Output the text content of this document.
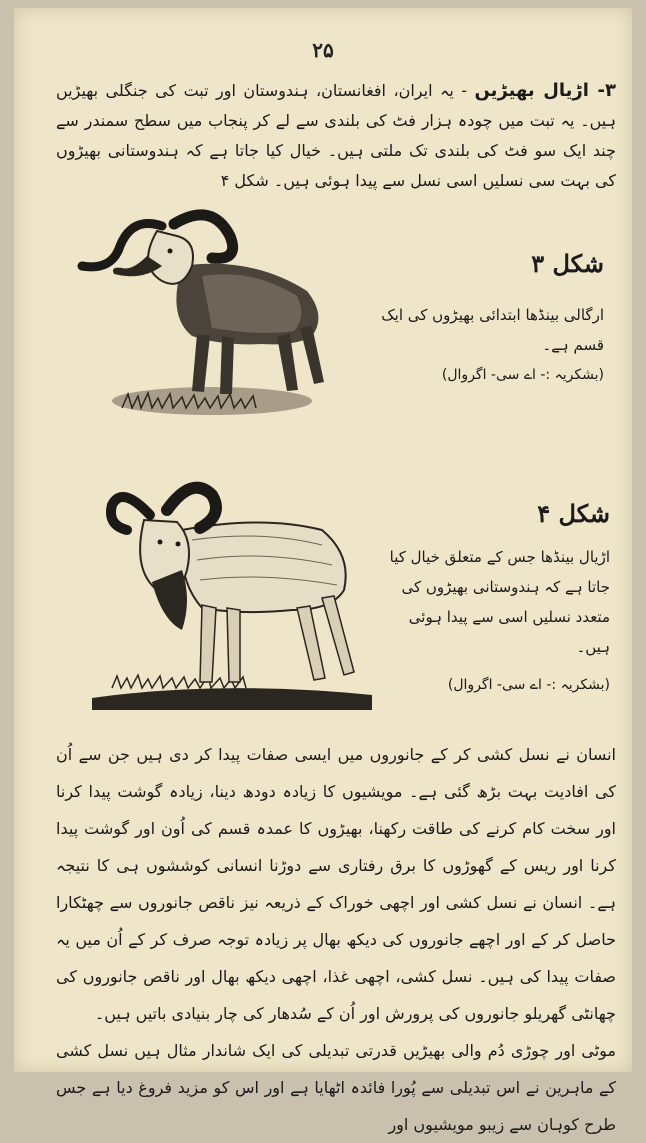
۲۵
۳- اڑیال بھیڑیں - یہ ایران، افغانستان، ہندوستان اور تبت کی جنگلی بھیڑیں ہیں۔ یہ تبت میں چودہ ہزار فٹ کی بلندی سے لے کر پنجاب میں سطح سمندر سے چند ایک سو فٹ کی بلندی تک ملتی ہیں۔ خیال کیا جاتا ہے کہ ہندوستانی بھیڑوں کی بہت سی نسلیں اسی نسل سے پیدا ہوئی ہیں۔ شکل ۴
شکل ۳
ارگالی بینڈھا ابتدائی بھیڑوں کی ایک قسم ہے۔
(بشکریہ :- اے سی- اگروال)
شکل ۴
اڑیال بینڈھا جس کے متعلق خیال کیا جاتا ہے کہ ہندوستانی بھیڑوں کی متعدد نسلیں اسی سے پیدا ہوئی ہیں۔
(بشکریہ :- اے سی- اگروال)

انسان نے نسل کشی کر کے جانوروں میں ایسی صفات پیدا کر دی ہیں جن سے اُن کی افادیت بہت بڑھ گئی ہے۔ مویشیوں کا زیادہ دودھ دینا، زیادہ گوشت پیدا کرنا اور سخت کام کرنے کی طاقت رکھنا، بھیڑوں کا عمدہ قسم کی اُون اور گوشت پیدا کرنا اور ریس کے گھوڑوں کا برق رفتاری سے دوڑنا انسانی کوششوں ہی کا نتیجہ ہے۔ انسان نے نسل کشی اور اچھی خوراک کے ذریعہ نیز ناقص جانوروں سے چھٹکارا حاصل کر کے اور اچھے جانوروں کی دیکھ بھال پر زیادہ توجہ صرف کر کے اُن میں یہ صفات پیدا کی ہیں۔ نسل کشی، اچھی غذا، اچھی دیکھ بھال اور ناقص جانوروں کی چھانٹی گھریلو جانوروں کی پرورش اور اُن کے سُدھار کی چار بنیادی باتیں ہیں۔

موٹی اور چوڑی دُم والی بھیڑیں قدرتی تبدیلی کی ایک شاندار مثال ہیں نسل کشی کے ماہرین نے اس تبدیلی سے پُورا فائدہ اٹھایا ہے اور اس کو مزید فروغ دیا ہے جس طرح کوہان سے زیبو مویشیوں اور
